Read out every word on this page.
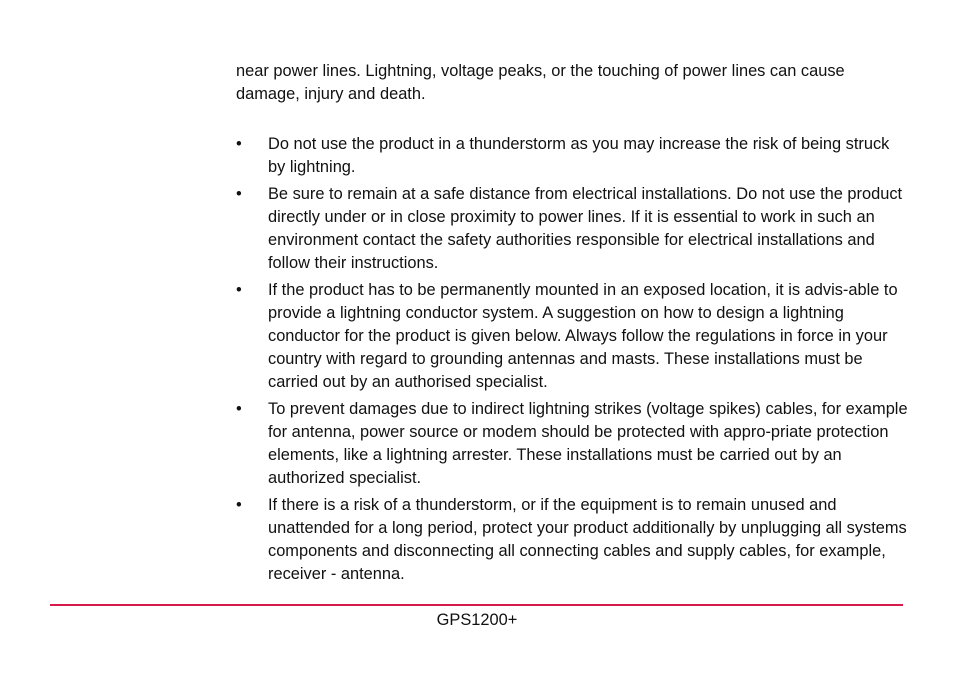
near power lines. Lightning, voltage peaks, or the touching of power lines can cause damage, injury and death.

• Do not use the product in a thunderstorm as you may increase the risk of being struck by lightning.
• Be sure to remain at a safe distance from electrical installations. Do not use the product directly under or in close proximity to power lines. If it is essential to work in such an environment contact the safety authorities responsible for electrical installations and follow their instructions.
• If the product has to be permanently mounted in an exposed location, it is advis-able to provide a lightning conductor system. A suggestion on how to design a lightning conductor for the product is given below. Always follow the regulations in force in your country with regard to grounding antennas and masts. These installations must be carried out by an authorised specialist.
• To prevent damages due to indirect lightning strikes (voltage spikes) cables, for example for antenna, power source or modem should be protected with appro-priate protection elements, like a lightning arrester. These installations must be carried out by an authorized specialist.
• If there is a risk of a thunderstorm, or if the equipment is to remain unused and unattended for a long period, protect your product additionally by unplugging all systems components and disconnecting all connecting cables and supply cables, for example, receiver - antenna.
GPS1200+
